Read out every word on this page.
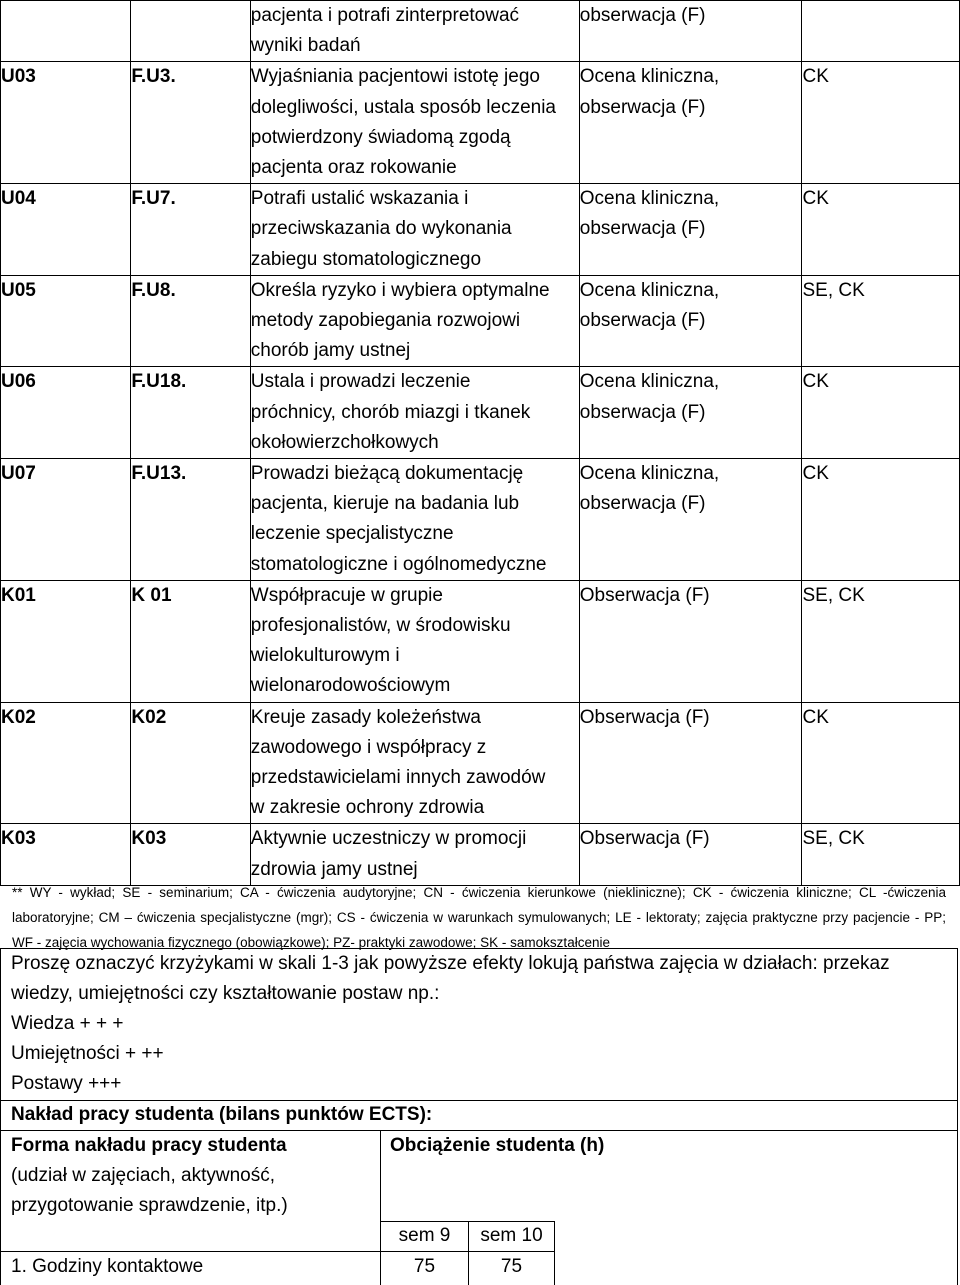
		pacjenta i potrafi zinterpretować
wyniki badań	obserwacja (F)	

U03	F.U3.	Wyjaśniania pacjentowi istotę jego
dolegliwości, ustala sposób leczenia
potwierdzony świadomą zgodą
pacjenta oraz rokowanie	Ocena kliniczna,
obserwacja (F)	CK
U04	F.U7.	Potrafi ustalić wskazania i
przeciwskazania do wykonania
zabiegu stomatologicznego	Ocena kliniczna,
obserwacja (F)	CK
U05	F.U8.	Określa ryzyko i wybiera optymalne
metody zapobiegania rozwojowi
chorób jamy ustnej	Ocena kliniczna,
obserwacja (F)	SE, CK
U06	F.U18.	Ustala i prowadzi leczenie
próchnicy, chorób miazgi i tkanek
okołowierzchołkowych	Ocena kliniczna,
obserwacja (F)	CK
U07	F.U13.	Prowadzi bieżącą dokumentację
pacjenta, kieruje na badania lub
leczenie specjalistyczne
stomatologiczne i ogólnomedyczne	Ocena kliniczna,
obserwacja (F)	CK
K01	K 01	Współpracuje w grupie
profesjonalistów, w środowisku
wielokulturowym i
wielonarodowościowym	Obserwacja (F)	SE, CK
K02	K02	Kreuje zasady koleżeństwa
zawodowego i współpracy z
przedstawicielami innych zawodów
w zakresie ochrony zdrowia	Obserwacja (F)	CK
K03	K03	Aktywnie uczestniczy w promocji
zdrowia jamy ustnej	Obserwacja (F)	SE, CK
** WY - wykład; SE - seminarium; CA - ćwiczenia audytoryjne; CN - ćwiczenia kierunkowe (niekliniczne); CK - ćwiczenia kliniczne; CL -ćwiczenia laboratoryjne; CM – ćwiczenia specjalistyczne (mgr); CS - ćwiczenia w warunkach symulowanych; LE - lektoraty; zajęcia praktyczne przy pacjencie - PP; WF - zajęcia wychowania fizycznego (obowiązkowe); PZ- praktyki zawodowe; SK - samokształcenie
Proszę oznaczyć krzyżykami w skali 1-3 jak powyższe efekty lokują państwa zajęcia w działach: przekaz
wiedzy, umiejętności czy kształtowanie postaw np.:
Wiedza + + +
Umiejętności + ++
Postawy +++
Nakład pracy studenta (bilans punktów ECTS):
Forma nakładu pracy studenta
(udział w zajęciach, aktywność,
przygotowanie sprawdzenie, itp.)
Obciążenie studenta (h)
sem 9	sem 10
1. Godziny kontaktowe	75	75
